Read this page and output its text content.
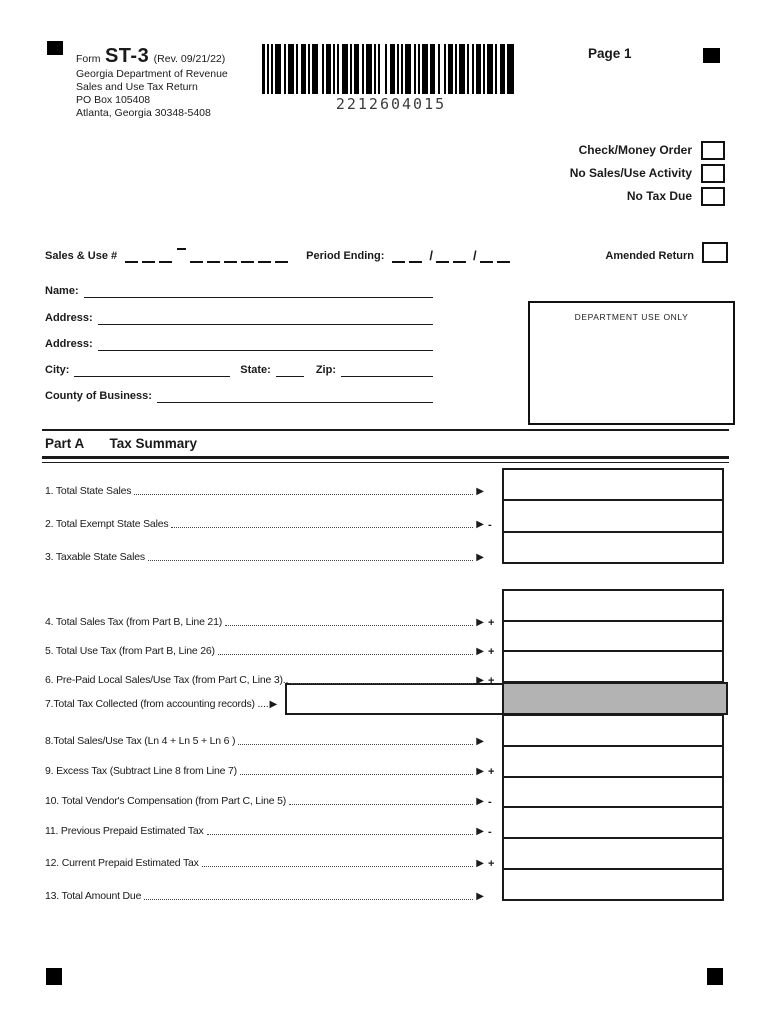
Form ST-3 (Rev. 09/21/22)
Georgia Department of Revenue
Sales and Use Tax Return
PO Box 105408
Atlanta, Georgia 30348-5408	2212604015
Page 1
Check/Money Order
No Sales/Use Activity
No Tax Due
Sales & Use #	Period Ending:	/	/	Amended Return
Name:
Address:
Address:
City:	State:	Zip:
County of Business:
DEPARTMENT USE ONLY
Part A Tax Summary
1. Total State Sales	▶
2. Total Exempt State Sales	▶ -
3. Taxable State Sales	▶
4. Total Sales Tax (from Part B, Line 21)	▶ +
5. Total Use Tax (from Part B, Line 26)	▶ +
6. Pre-Paid Local Sales/Use Tax (from Part C, Line 3)..	▶ +
7.Total Tax Collected (from accounting records) .... ▶
8.Total Sales/Use Tax (Ln 4 + Ln 5 + Ln 6 )	▶
9. Excess Tax (Subtract Line 8 from Line 7)	▶ +
10. Total Vendor's Compensation (from Part C, Line 5)	▶ -
11. Previous Prepaid Estimated Tax	▶ -
12. Current Prepaid Estimated Tax	▶ +
13. Total Amount Due	▶
